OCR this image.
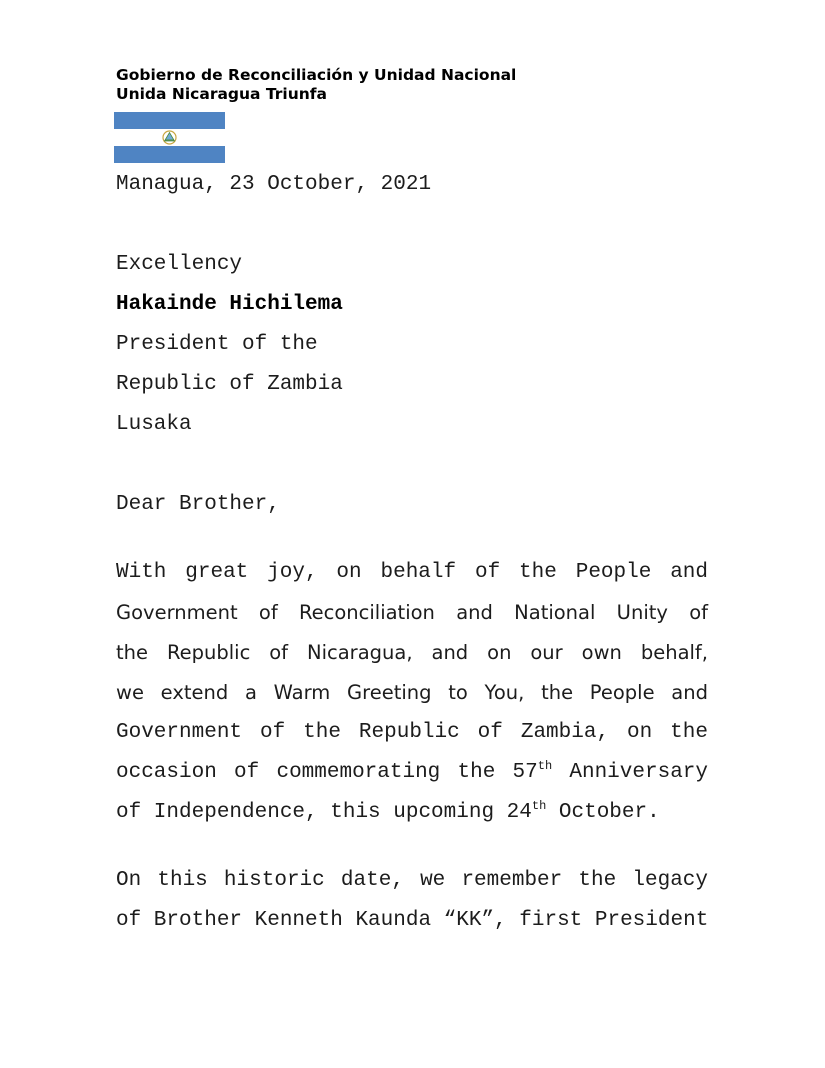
Gobierno de Reconciliación y Unidad Nacional
Unida Nicaragua Triunfa
Managua, 23 October, 2021
Excellency
Hakainde Hichilema
President of the
Republic of Zambia
Lusaka
Dear Brother,
With great joy, on behalf of the People and
Government of Reconciliation and National Unity of
the Republic of Nicaragua, and on our own behalf,
we extend a Warm Greeting to You, the People and
Government of the Republic of Zambia, on the
occasion of commemorating the 57th Anniversary
of Independence, this upcoming 24th October.
On this historic date, we remember the legacy
of Brother Kenneth Kaunda “KK”, first President
